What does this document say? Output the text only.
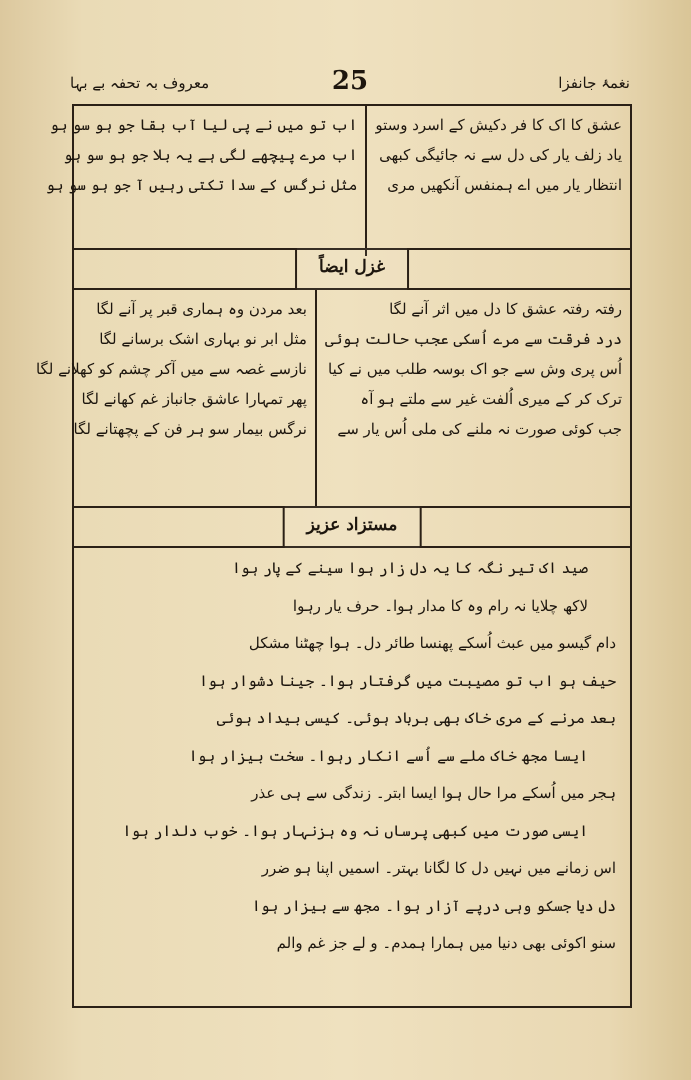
نغمۂ جانفزا
25
معروف بہ تحفہ بے بہا
عشق کا اک کا فر دکیش کے اسرد وستو
یاد زلف یار کی دل سے نہ جائیگی کبھی
انتظار یار میں اے ہمنفس آنکھیں مری
اب تو میں نے پی لیا آب بقا جو ہو سو ہو
اب مرے پیچھے لگی ہے یہ بلا جو ہو سو ہو
مثل نرگس کے سدا تکتی رہیں آ جو ہو سو ہو
غزل ایضاً
رفتہ رفتہ عشق کا دل میں اثر آنے لگا
درد فرقت سے مرے اُسکی عجب حالت ہوئی
اُس پری وش سے جو اک بوسہ طلب میں نے کیا
ترک کر کے میری اُلفت غیر سے ملتے ہو آہ
جب کوئی صورت نہ ملنے کی ملی اُس یار سے
بعد مردن وہ ہماری قبر پر آنے لگا
مثل ابر نو بہاری اشک برسانے لگا
نازسے غصہ سے میں آکر چشم کو کھلانے لگا
پھر تمہارا عاشق جانباز غم کھانے لگا
نرگس بیمار سو ہر فن کے پچھتانے لگا
مستزاد عزیز
صید اک تیر نگہ کا یہ دل زار ہوا سینے کے پار ہوا
لاکھ چلایا نہ رام وہ کا مدار ہوا۔ حرف یار رہوا
دام گیسو میں عبث اُسکے پھنسا طائر دل۔ ہوا چھٹنا مشکل
حیف ہو اب تو مصیبت میں گرفتار ہوا۔ جینا دشوار ہوا
بعد مرنے کے مری خاک بھی برباد ہوئی۔ کیسی بیداد ہوئی
ایسا مجھ خاک ملے سے اُسے انکار رہوا۔ سخت بیزار ہوا
ہجر میں اُسکے مرا حال ہوا ایسا ابتر۔ زندگی سے ہی عذر
ایسی صورت میں کبھی پرساں نہ وہ ہزنہار ہوا۔ خوب دلدار ہوا
اس زمانے میں نہیں دل کا لگانا بہتر۔ اسمیں اپنا ہو ضرر
دل دیا جسکو وہی درپے آزار ہوا۔ مجھ سے بیزار ہوا
سنو اکوئی بھی دنیا میں ہمارا ہمدم۔ و لے جز غم والم
